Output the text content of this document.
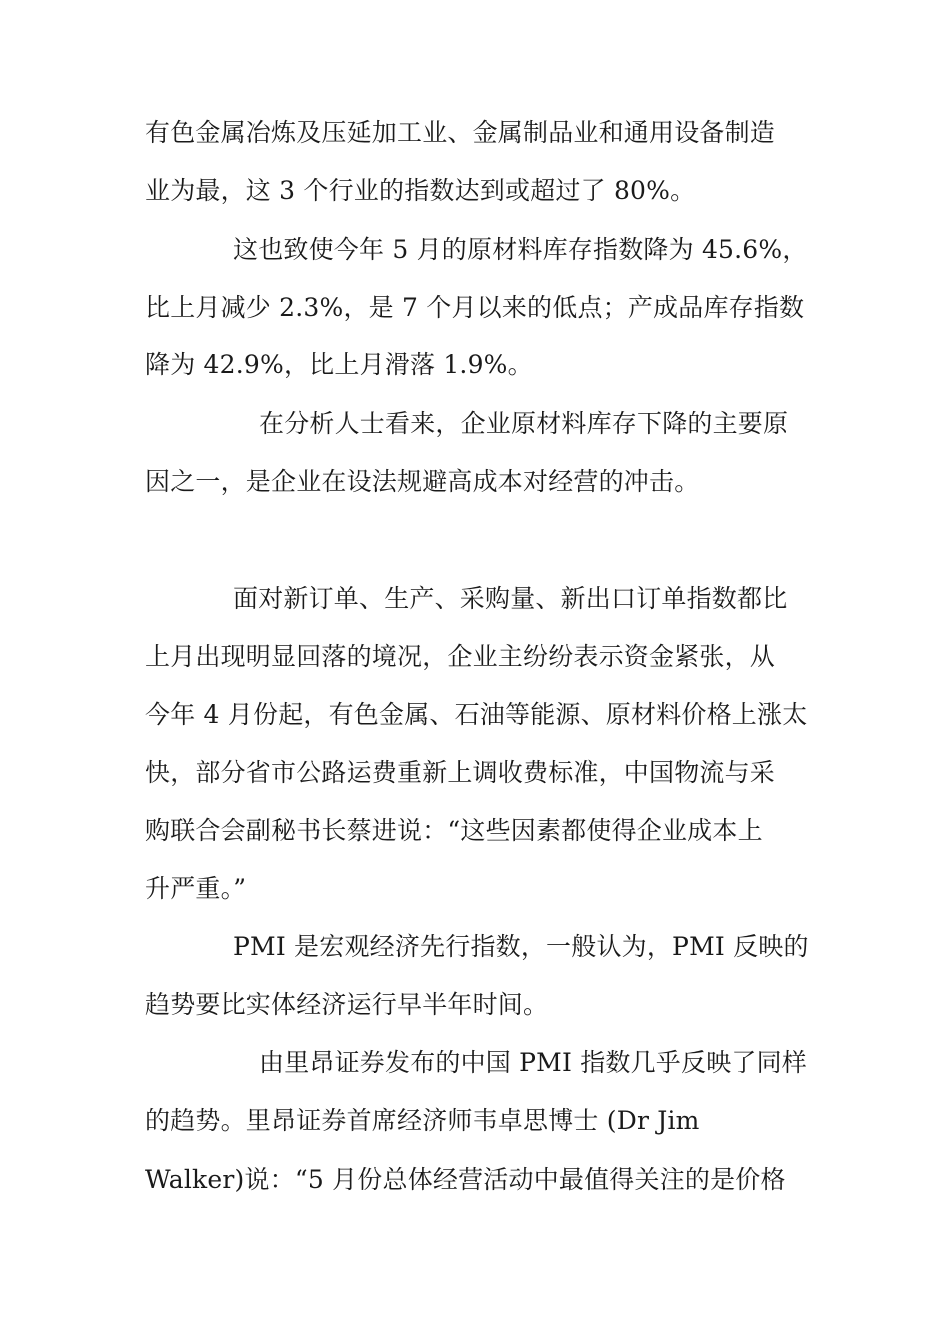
有色金属冶炼及压延加工业、金属制品业和通用设备制造
业为最，这 3 个行业的指数达到或超过了 80%。
这也致使今年 5 月的原材料库存指数降为 45.6%，
比上月减少 2.3%，是 7 个月以来的低点；产成品库存指数
降为 42.9%，比上月滑落 1.9%。
在分析人士看来，企业原材料库存下降的主要原
因之一，是企业在设法规避高成本对经营的冲击。
面对新订单、生产、采购量、新出口订单指数都比
上月出现明显回落的境况，企业主纷纷表示资金紧张，从
今年 4 月份起，有色金属、石油等能源、原材料价格上涨太
快，部分省市公路运费重新上调收费标准，中国物流与采
购联合会副秘书长蔡进说：“这些因素都使得企业成本上
升严重。”
PMI 是宏观经济先行指数，一般认为，PMI 反映的
趋势要比实体经济运行早半年时间。
由里昂证券发布的中国 PMI 指数几乎反映了同样
的趋势。里昂证券首席经济师韦卓思博士 (Dr Jim
Walker)说：“5 月份总体经营活动中最值得关注的是价格
